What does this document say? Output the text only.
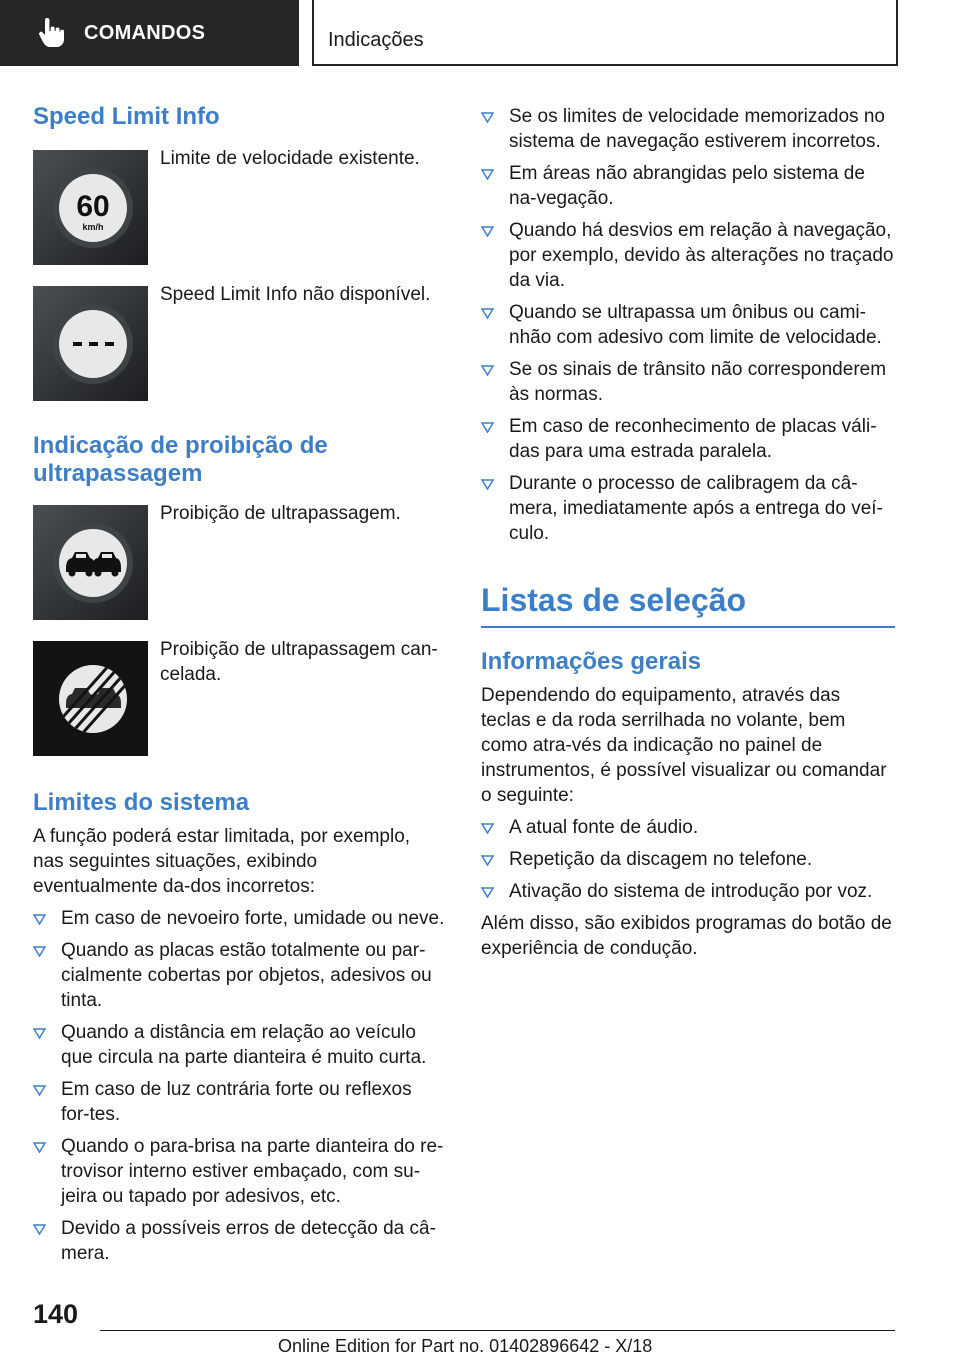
COMANDOS	Indicações
Speed Limit Info
60
km/h
Limite de velocidade existente.
Speed Limit Info não disponível.
Indicação de proibição de ultrapassagem
Proibição de ultrapassagem.
Proibição de ultrapassagem can-celada.
Limites do sistema

A função poderá estar limitada, por exemplo, nas seguintes situações, exibindo eventualmente da-dos incorretos:

Em caso de nevoeiro forte, umidade ou neve.
Quando as placas estão totalmente ou par-cialmente cobertas por objetos, adesivos ou tinta.
Quando a distância em relação ao veículo que circula na parte dianteira é muito curta.
Em caso de luz contrária forte ou reflexos for-tes.
Quando o para-brisa na parte dianteira do re-trovisor interno estiver embaçado, com su-jeira ou tapado por adesivos, etc.
Devido a possíveis erros de detecção da câ-mera.
Se os limites de velocidade memorizados no sistema de navegação estiverem incorretos.
Em áreas não abrangidas pelo sistema de na-vegação.
Quando há desvios em relação à navegação, por exemplo, devido às alterações no traçado da via.
Quando se ultrapassa um ônibus ou cami-nhão com adesivo com limite de velocidade.
Se os sinais de trânsito não corresponderem às normas.
Em caso de reconhecimento de placas váli-das para uma estrada paralela.
Durante o processo de calibragem da câ-mera, imediatamente após a entrega do veí-culo.
Listas de seleção
Informações gerais

Dependendo do equipamento, através das teclas e da roda serrilhada no volante, bem como atra-vés da indicação no painel de instrumentos, é possível visualizar ou comandar o seguinte:

A atual fonte de áudio.
Repetição da discagem no telefone.
Ativação do sistema de introdução por voz.

Além disso, são exibidos programas do botão de experiência de condução.

140
Online Edition for Part no. 01402896642 - X/18
